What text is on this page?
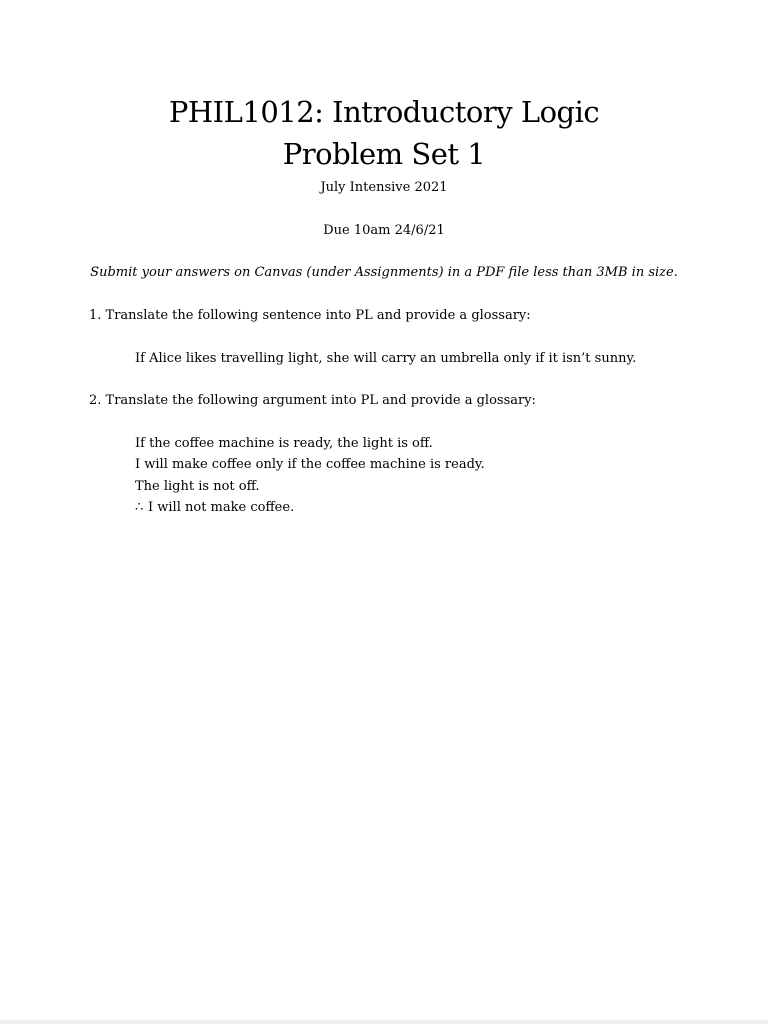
PHIL1012: Introductory Logic
Problem Set 1
July Intensive 2021
Due 10am 24/6/21
Submit your answers on Canvas (under Assignments) in a PDF file less than 3MB in size.
1. Translate the following sentence into PL and provide a glossary:
If Alice likes travelling light, she will carry an umbrella only if it isn’t sunny.
2. Translate the following argument into PL and provide a glossary:
If the coffee machine is ready, the light is off.
I will make coffee only if the coffee machine is ready.
The light is not off.
∴ I will not make coffee.
